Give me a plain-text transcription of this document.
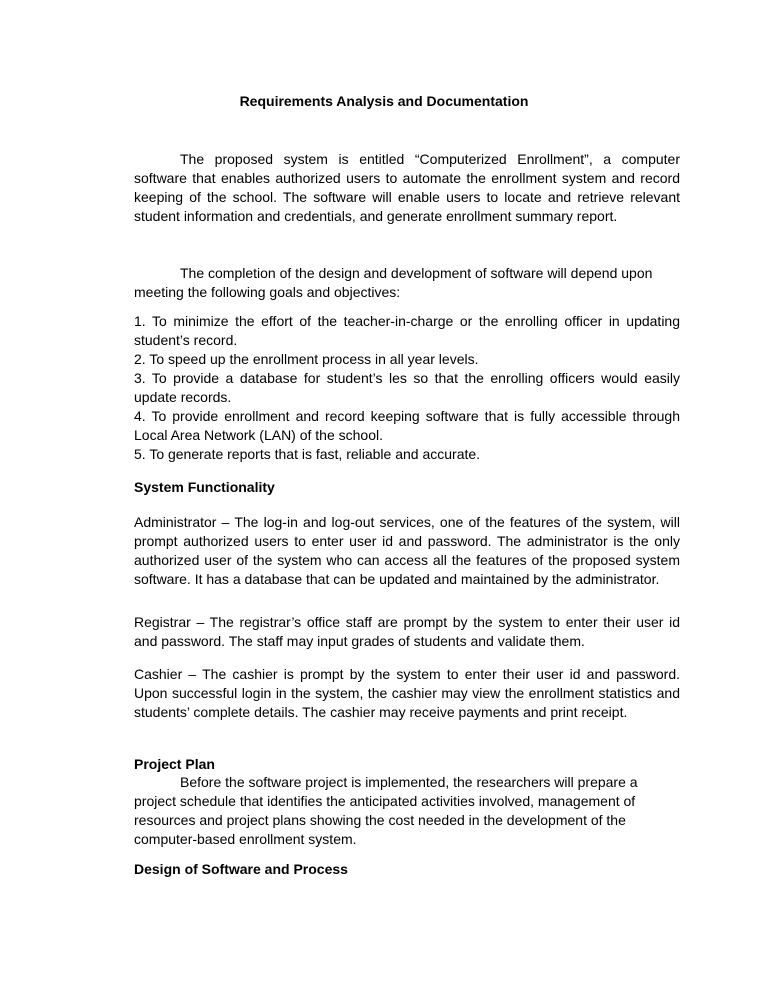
Requirements Analysis and Documentation
The proposed system is entitled “Computerized Enrollment”, a computer software that enables authorized users to automate the enrollment system and record keeping of the school. The software will enable users to locate and retrieve relevant student information and credentials, and generate enrollment summary report.
The completion of the design and development of software will depend upon meeting the following goals and objectives:
1. To minimize the effort of the teacher-in-charge or the enrolling officer in updating student’s record.
2. To speed up the enrollment process in all year levels.
3. To provide a database for student’s les so that the enrolling officers would easily update records.
4. To provide enrollment and record keeping software that is fully accessible through Local Area Network (LAN) of the school.
5. To generate reports that is fast, reliable and accurate.
System Functionality
Administrator – The log-in and log-out services, one of the features of the system, will prompt authorized users to enter user id and password. The administrator is the only authorized user of the system who can access all the features of the proposed system software. It has a database that can be updated and maintained by the administrator.
Registrar – The registrar’s office staff are prompt by the system to enter their user id and password. The staff may input grades of students and validate them.
Cashier – The cashier is prompt by the system to enter their user id and password. Upon successful login in the system, the cashier may view the enrollment statistics and students’ complete details. The cashier may receive payments and print receipt.
Project Plan
Before the software project is implemented, the researchers will prepare a project schedule that identifies the anticipated activities involved, management of resources and project plans showing the cost needed in the development of the computer-based enrollment system.
Design of Software and Process
